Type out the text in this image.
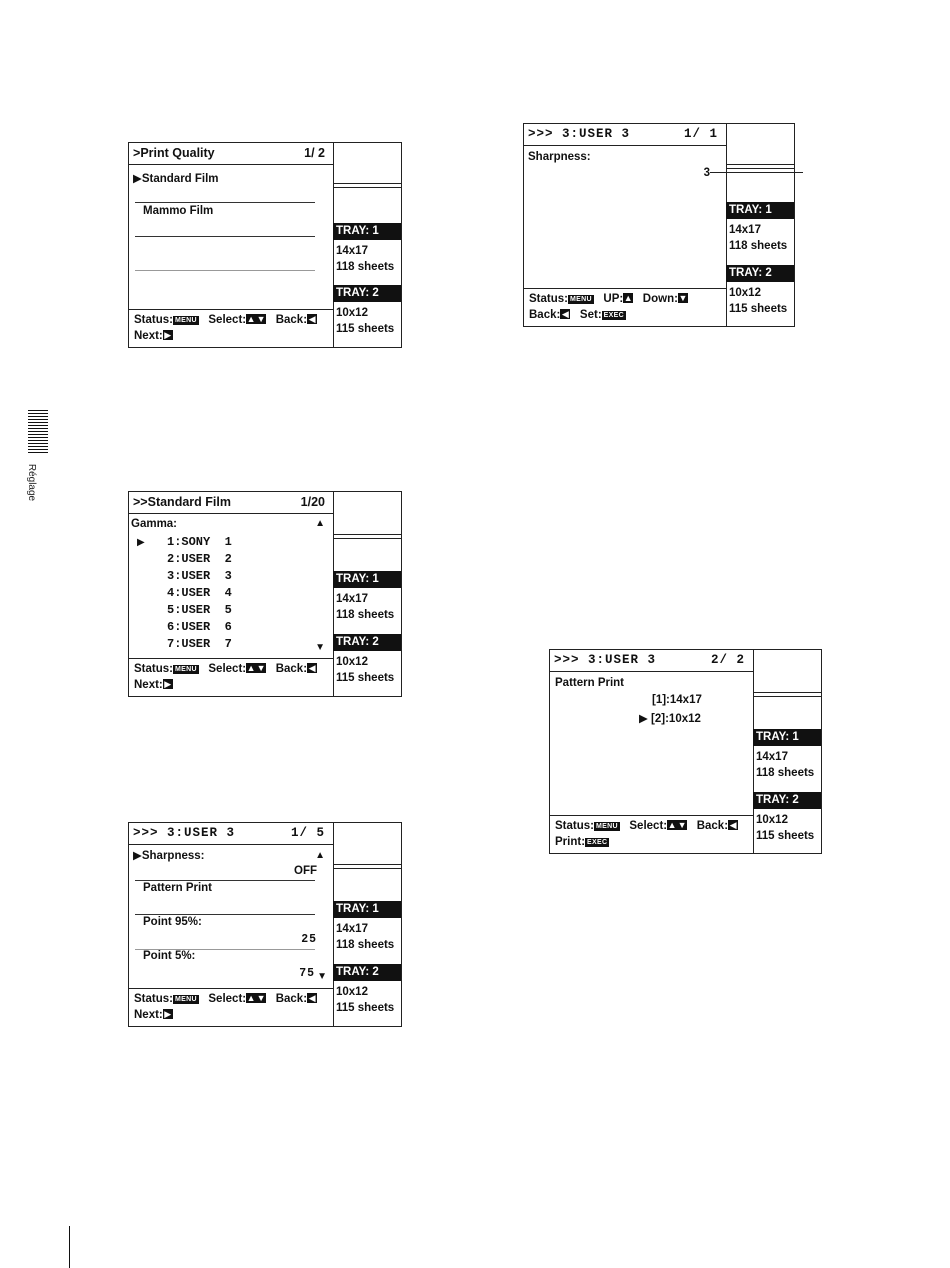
Réglage
>Print Quality	1/ 2
▶Standard Film
Mammo Film
Status: MENU Select:▲▼ Back: ◀
Next: ▶
TRAY: 1
14x17
118 sheets
TRAY: 2
10x12
115 sheets
>>> 3:USER 3	1/ 1
Sharpness:
3
Status: MENU UP:▲ Down:▼
Back: ◀ Set: EXEC
TRAY: 1
14x17
118 sheets
TRAY: 2
10x12
115 sheets
>>Standard Film	1/20
Gamma:	▲
▶ 1:SONY  1
2:USER  2
3:USER  3
4:USER  4
5:USER  5
6:USER  6
7:USER  7	▼
Status: MENU Select:▲▼ Back: ◀
Next: ▶
TRAY: 1
14x17
118 sheets
TRAY: 2
10x12
115 sheets
>>> 3:USER 3	2/ 2
Pattern Print
[1]:14x17
▶ [2]:10x12
Status: MENU Select:▲▼ Back: ◀
Print: EXEC
TRAY: 1
14x17
118 sheets
TRAY: 2
10x12
115 sheets
>>> 3:USER 3	1/ 5
▶Sharpness:	▲
OFF
Pattern Print
Point 95%:
25
Point 5%:
75 ▼
Status: MENU Select:▲▼ Back: ◀
Next: ▶
TRAY: 1
14x17
118 sheets
TRAY: 2
10x12
115 sheets
